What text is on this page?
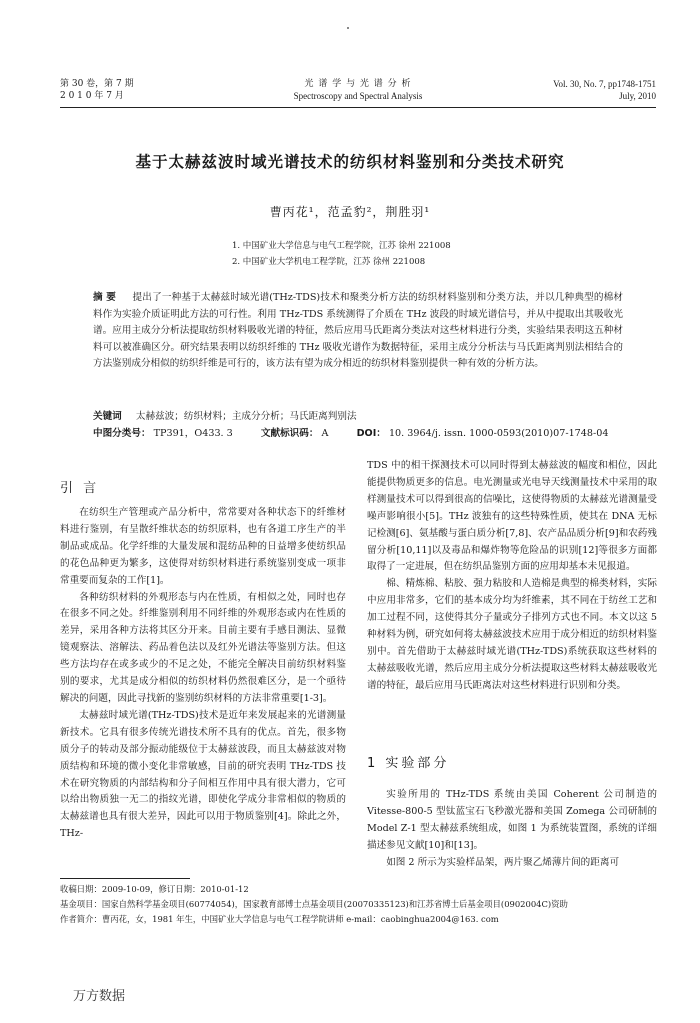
第 30 卷，第 7 期
2 0 1 0 年 7 月
光 谱 学 与 光 谱 分 析
Spectroscopy and Spectral Analysis
Vol. 30, No. 7, pp1748-1751
July, 2010
基于太赫兹波时域光谱技术的纺织材料鉴别和分类技术研究
曹丙花¹，范孟豹²，荆胜羽¹
1. 中国矿业大学信息与电气工程学院，江苏 徐州 221008
2. 中国矿业大学机电工程学院，江苏 徐州 221008
摘 要 提出了一种基于太赫兹时域光谱(THz-TDS)技术和聚类分析方法的纺织材料鉴别和分类方法，并以几种典型的棉材料作为实验介质证明此方法的可行性。利用 THz-TDS 系统测得了介质在 THz 波段的时域光谱信号，并从中提取出其吸收光谱。应用主成分分析法提取纺织材料吸收光谱的特征，然后应用马氏距离分类法对这些材料进行分类，实验结果表明这五种材料可以被准确区分。研究结果表明以纺织纤维的 THz 吸收光谱作为数据特征，采用主成分分析法与马氏距离判别法相结合的方法鉴别成分相似的纺织纤维是可行的，该方法有望为成分相近的纺织材料鉴别提供一种有效的分析方法。
关键词 太赫兹波；纺织材料；主成分分析；马氏距离判别法
中图分类号： TP391，O433. 3	文献标识码： A	DOI： 10. 3964/j. issn. 1000-0593(2010)07-1748-04
引 言

在纺织生产管理或产品分析中，常常要对各种状态下的纤维材料进行鉴别，有呈散纤维状态的纺织原料，也有各道工序生产的半制品或成品。化学纤维的大量发展和混纺品种的日益增多使纺织品的花色品种更为繁多，这使得对纺织材料进行系统鉴别变成一项非常重要而复杂的工作[1]。

各种纺织材料的外观形态与内在性质，有相似之处，同时也存在很多不同之处。纤维鉴别利用不同纤维的外观形态或内在性质的差异，采用各种方法将其区分开来。目前主要有手感目测法、显微镜观察法、溶解法、药品着色法以及红外光谱法等鉴别方法。但这些方法均存在或多或少的不足之处，不能完全解决目前纺织材料鉴别的要求，尤其是成分相似的纺织材料仍然很难区分，是一个亟待解决的问题，因此寻找新的鉴别纺织材料的方法非常重要[1-3]。

太赫兹时域光谱(THz-TDS)技术是近年来发展起来的光谱测量新技术。它具有很多传统光谱技术所不具有的优点。首先，很多物质分子的转动及部分振动能级位于太赫兹波段，而且太赫兹波对物质结构和环境的微小变化非常敏感，目前的研究表明 THz-TDS 技术在研究物质的内部结构和分子间相互作用中具有很大潜力，它可以给出物质独一无二的指纹光谱，即使化学成分非常相似的物质的太赫兹谱也具有很大差异，因此可以用于物质鉴别[4]。除此之外，THz-

TDS 中的相干探测技术可以同时得到太赫兹波的幅度和相位，因此能提供物质更多的信息。电光测量或光电导天线测量技术中采用的取样测量技术可以得到很高的信噪比，这使得物质的太赫兹光谱测量受噪声影响很小[5]。THz 波独有的这些特殊性质，使其在 DNA 无标记检测[6]、氨基酸与蛋白质分析[7,8]、农产品品质分析[9]和农药残留分析[10,11]以及毒品和爆炸物等危险品的识别[12]等很多方面都取得了一定进展，但在纺织品鉴别方面的应用却基本未见报道。

棉、精炼棉、粘胶、强力粘胶和人造棉是典型的棉类材料，实际中应用非常多，它们的基本成分均为纤维素，其不同在于纺丝工艺和加工过程不同，这使得其分子量或分子排列方式也不同。本文以这 5 种材料为例，研究如何将太赫兹波技术应用于成分相近的纺织材料鉴别中。首先借助于太赫兹时域光谱(THz-TDS)系统获取这些材料的太赫兹吸收光谱，然后应用主成分分析法提取这些材料太赫兹吸收光谱的特征，最后应用马氏距离法对这些材料进行识别和分类。

1 实验部分

实验所用的 THz-TDS 系统由美国 Coherent 公司制造的 Vitesse-800-5 型钛蓝宝石飞秒激光器和美国 Zomega 公司研制的 Model Z-1 型太赫兹系统组成，如图 1 为系统装置图，系统的详细描述参见文献[10]和[13]。

如图 2 所示为实验样品架，两片聚乙烯薄片间的距离可

收稿日期：2009-10-09，修订日期：2010-01-12
基金项目：国家自然科学基金项目(60774054)，国家教育部博士点基金项目(20070335123)和江苏省博士后基金项目(0902004C)资助
作者简介：曹丙花，女，1981 年生，中国矿业大学信息与电气工程学院讲师 e-mail：caobinghua2004@163. com
万方数据
